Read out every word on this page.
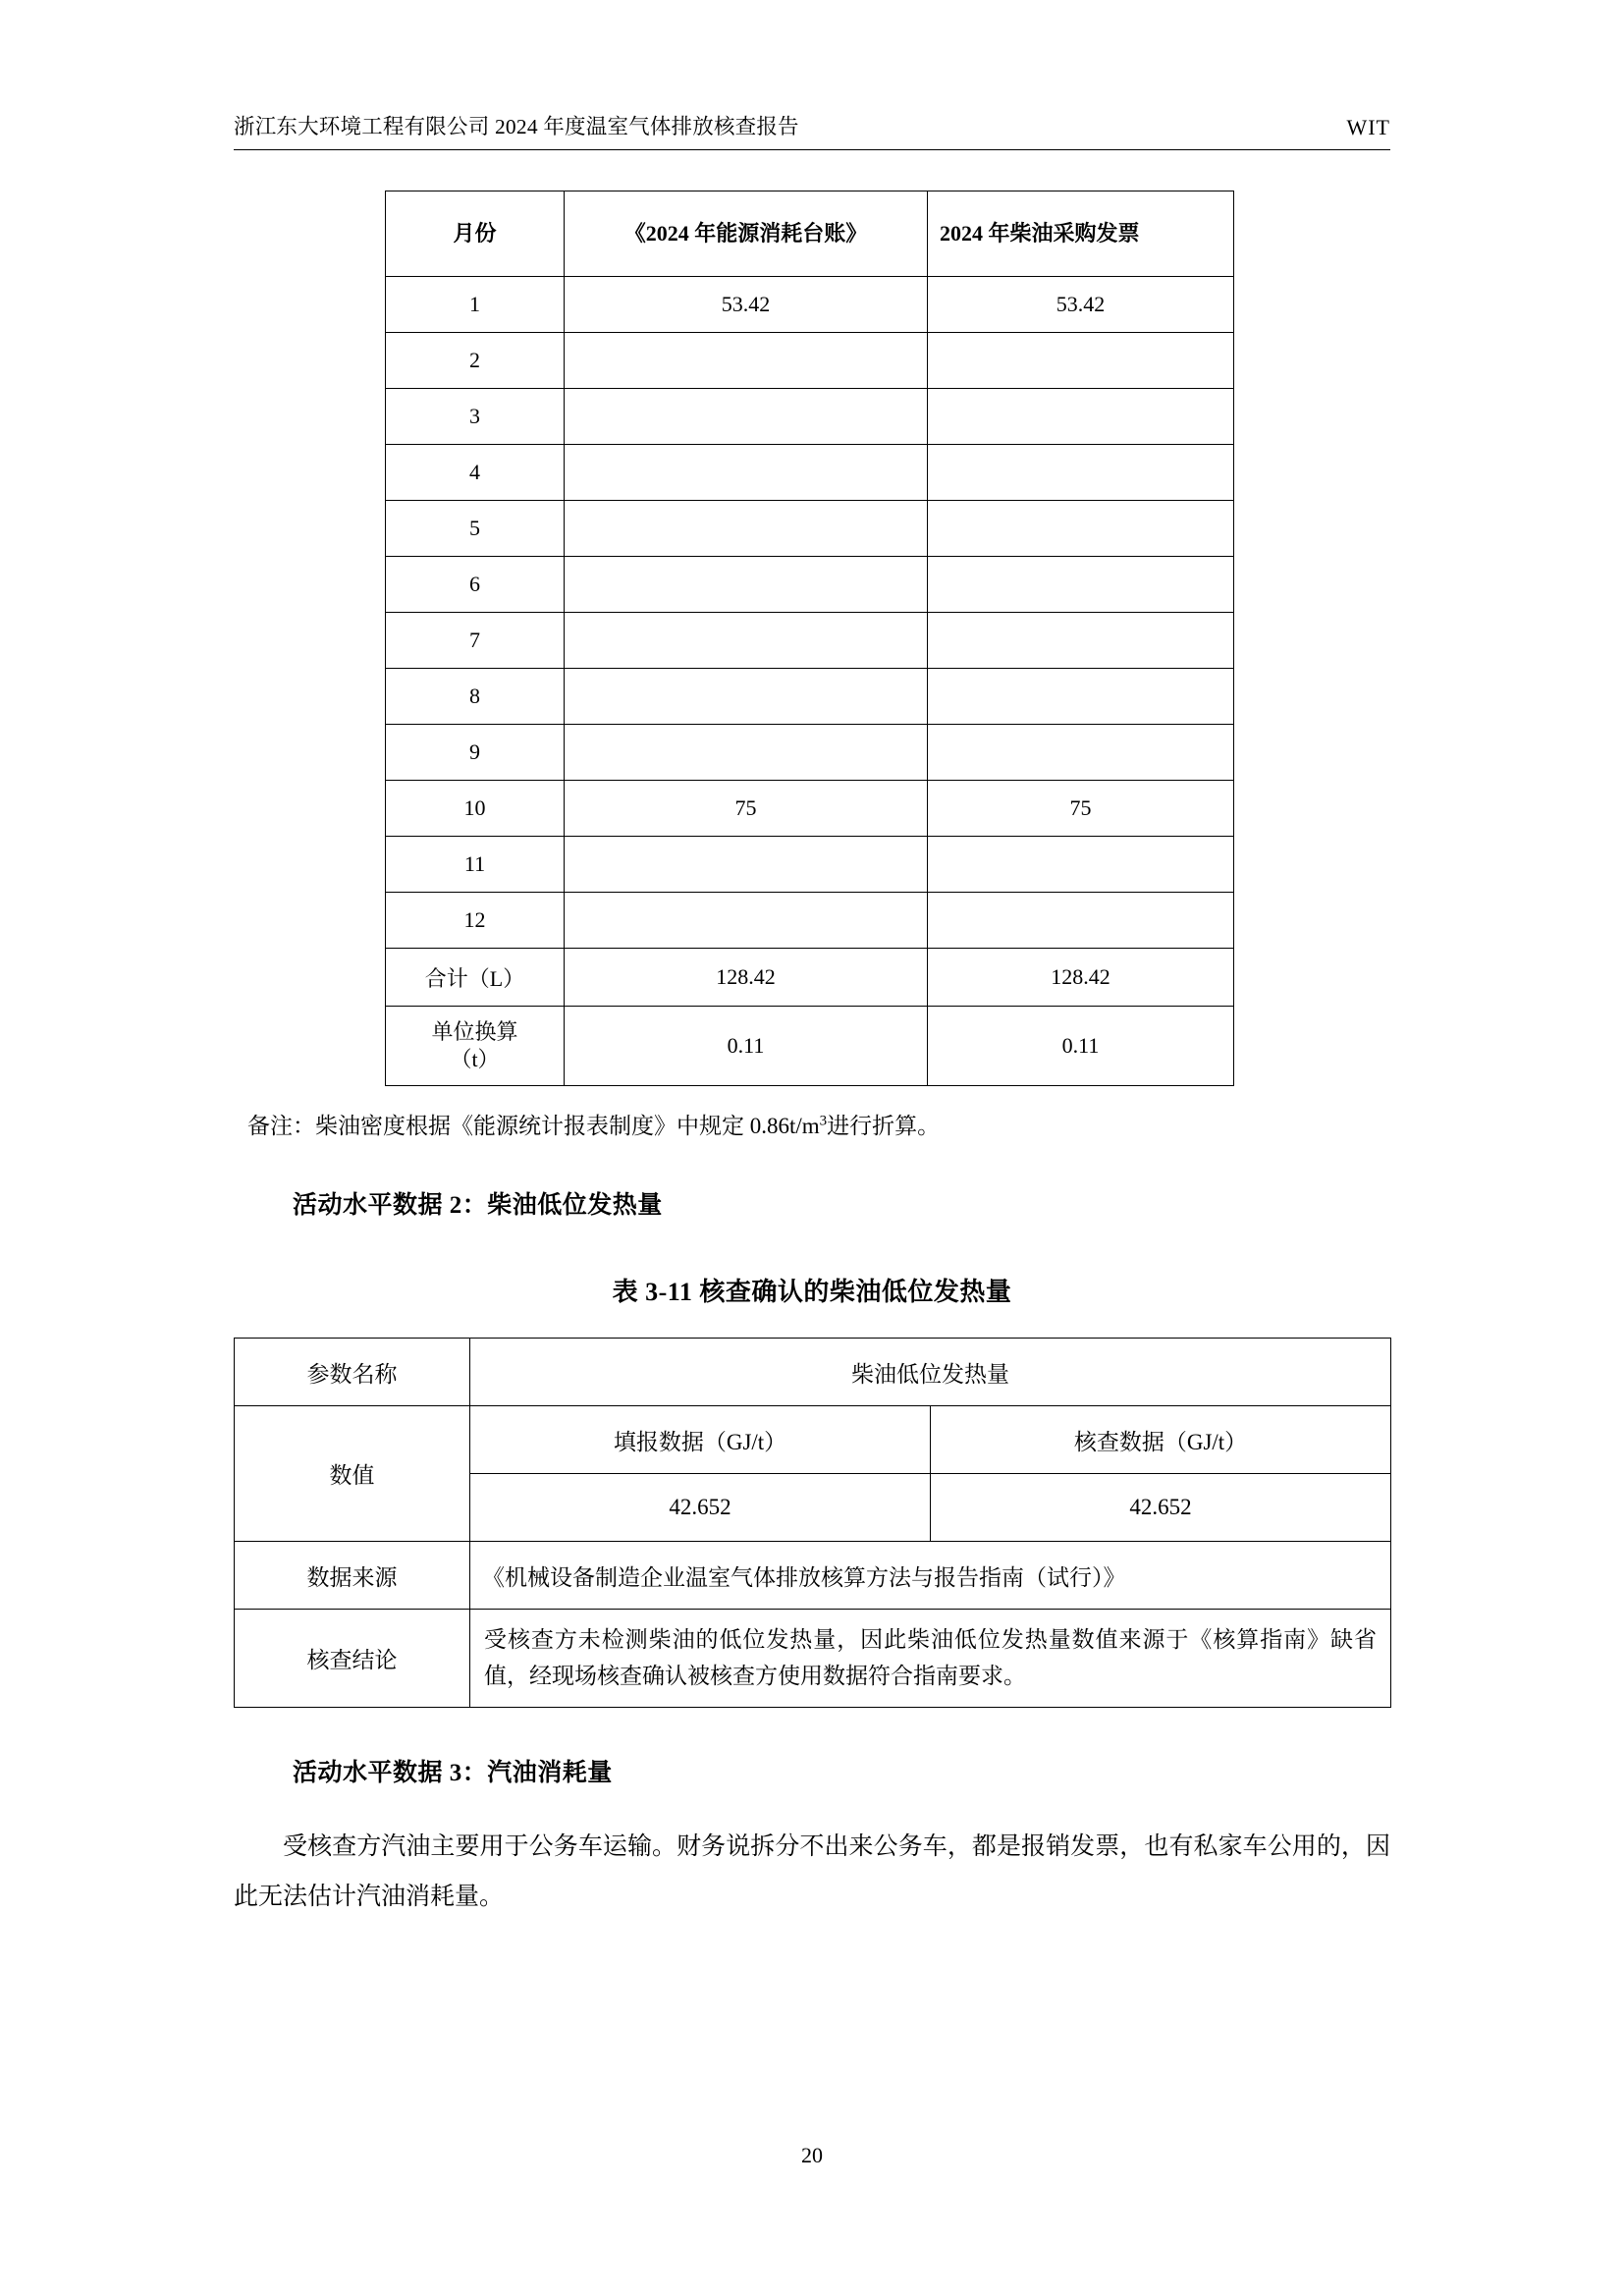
浙江东大环境工程有限公司 2024 年度温室气体排放核查报告	WIT
月份	《2024 年能源消耗台账》	2024 年柴油采购发票
1	53.42	53.42
2		
3		
4		
5		
6		
7		
8		
9		
10	75	75
11		
12		
合计（L）	128.42	128.42

单位换算
（t）	0.11	0.11
备注：柴油密度根据《能源统计报表制度》中规定 $0.86t/m^3$进行折算。
活动水平数据 2：柴油低位发热量
表 3-11 核查确认的柴油低位发热量
参数名称	柴油低位发热量	
数值	填报数据（GJ/t）	核查数据（GJ/t）
	42.652	42.652
数据来源	《机械设备制造企业温室气体排放核算方法与报告指南（试行）》	
核查结论	受核查方未检测柴油的低位发热量，因此柴油低位发热量数值来源于《核算指南》缺省值，经现场核查确认被核查方使用数据符合指南要求。	
活动水平数据 3：汽油消耗量
受核查方汽油主要用于公务车运输。财务说拆分不出来公务车，都是报销发票，也有私家车公用的，因此无法估计汽油消耗量。
20
